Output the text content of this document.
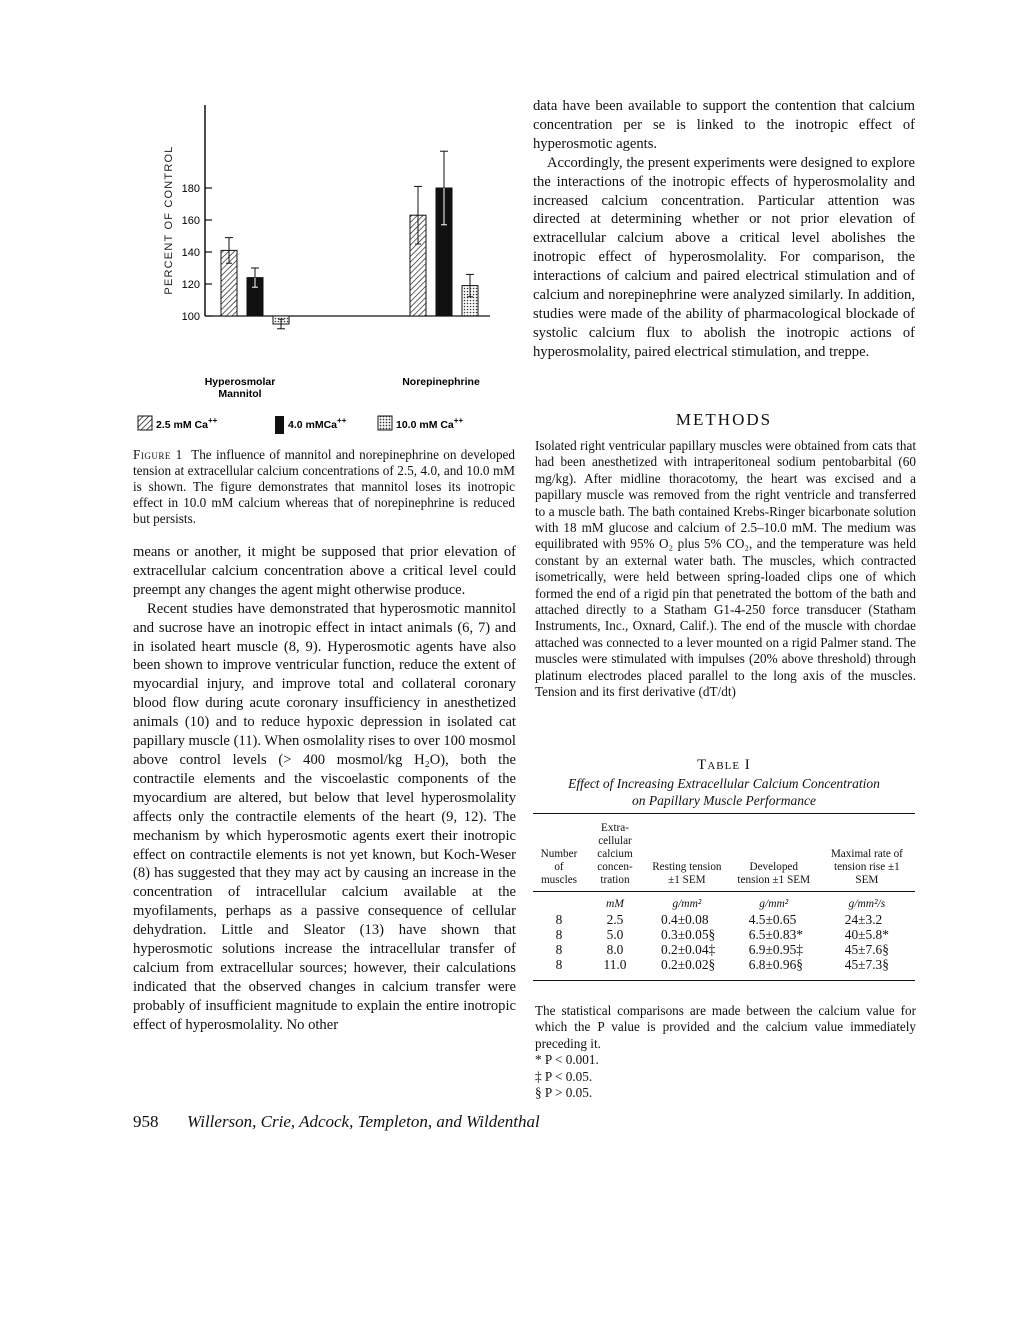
100
120
140
160
180
PERCENT OF CONTROL
Hyperosmolar
Mannitol
Norepinephrine
2.5 mM Ca++	4.0 mMCa++	10.0 mM Ca++
Figure 1 The influence of mannitol and norepinephrine on developed tension at extracellular calcium concentrations of 2.5, 4.0, and 10.0 mM is shown. The figure demonstrates that mannitol loses its inotropic effect in 10.0 mM calcium whereas that of norepinephrine is reduced but persists.

means or another, it might be supposed that prior elevation of extracellular calcium concentration above a critical level could preempt any changes the agent might otherwise produce.

Recent studies have demonstrated that hyperosmotic mannitol and sucrose have an inotropic effect in intact animals (6, 7) and in isolated heart muscle (8, 9). Hyperosmotic agents have also been shown to improve ventricular function, reduce the extent of myocardial injury, and improve total and collateral coronary blood flow during acute coronary insufficiency in anesthetized animals (10) and to reduce hypoxic depression in isolated cat papillary muscle (11). When osmolality rises to over 100 mosmol above control levels (> 400 mosmol/kg H₂O), both the contractile elements and the viscoelastic components of the myocardium are altered, but below that level hyperosmolality affects only the contractile elements of the heart (9, 12). The mechanism by which hyperosmotic agents exert their inotropic effect on contractile elements is not yet known, but Koch-Weser (8) has suggested that they may act by causing an increase in the concentration of intracellular calcium available at the myofilaments, perhaps as a passive consequence of cellular dehydration. Little and Sleator (13) have shown that hyperosmotic solutions increase the intracellular transfer of calcium from extracellular sources; however, their calculations indicated that the observed changes in calcium transfer were probably of insufficient magnitude to explain the entire inotropic effect of hyperosmolality. No other

data have been available to support the contention that calcium concentration per se is linked to the inotropic effect of hyperosmotic agents.

Accordingly, the present experiments were designed to explore the interactions of the inotropic effects of hyperosmolality and increased calcium concentration. Particular attention was directed at determining whether or not prior elevation of extracellular calcium above a critical level abolishes the inotropic effect of hyperosmolality. For comparison, the interactions of calcium and paired electrical stimulation and of calcium and norepinephrine were analyzed similarly. In addition, studies were made of the ability of pharmacological blockade of systolic calcium flux to abolish the inotropic actions of hyperosmolality, paired electrical stimulation, and treppe.

METHODS
Isolated right ventricular papillary muscles were obtained from cats that had been anesthetized with intraperitoneal sodium pentobarbital (60 mg/kg). After midline thoracotomy, the heart was excised and a papillary muscle was removed from the right ventricle and transferred to a muscle bath. The bath contained Krebs-Ringer bicarbonate solution with 18 mM glucose and calcium of 2.5–10.0 mM. The medium was equilibrated with 95% O₂ plus 5% CO₂, and the temperature was held constant by an external water bath. The muscles, which contracted isometrically, were held between spring-loaded clips one of which formed the end of a rigid pin that penetrated the bottom of the bath and attached directly to a Statham G1-4-250 force transducer (Statham Instruments, Inc., Oxnard, Calif.). The end of the muscle with chordae attached was connected to a lever mounted on a rigid Palmer stand. The muscles were stimulated with impulses (20% above threshold) through platinum electrodes placed parallel to the long axis of the muscles. Tension and its first derivative (dT/dt)
Table I
Effect of Increasing Extracellular Calcium Concentration
on Papillary Muscle Performance
Number of muscles	Extra-cellular calcium concen-tration	Resting tension ±1 SEM	Developed tension ±1 SEM	Maximal rate of tension rise ±1 SEM

	mM	g/mm²	g/mm²	g/mm²/s
8	2.5	0.4±0.08	4.5±0.65	24±3.2
8	5.0	0.3±0.05§	6.5±0.83*	40±5.8*
8	8.0	0.2±0.04‡	6.9±0.95‡	45±7.6§
8	11.0	0.2±0.02§	6.8±0.96§	45±7.3§

The statistical comparisons are made between the calcium value for which the P value is provided and the calcium value immediately preceding it.

* P < 0.001.

‡ P < 0.05.

§ P > 0.05.

958 Willerson, Crie, Adcock, Templeton, and Wildenthal
